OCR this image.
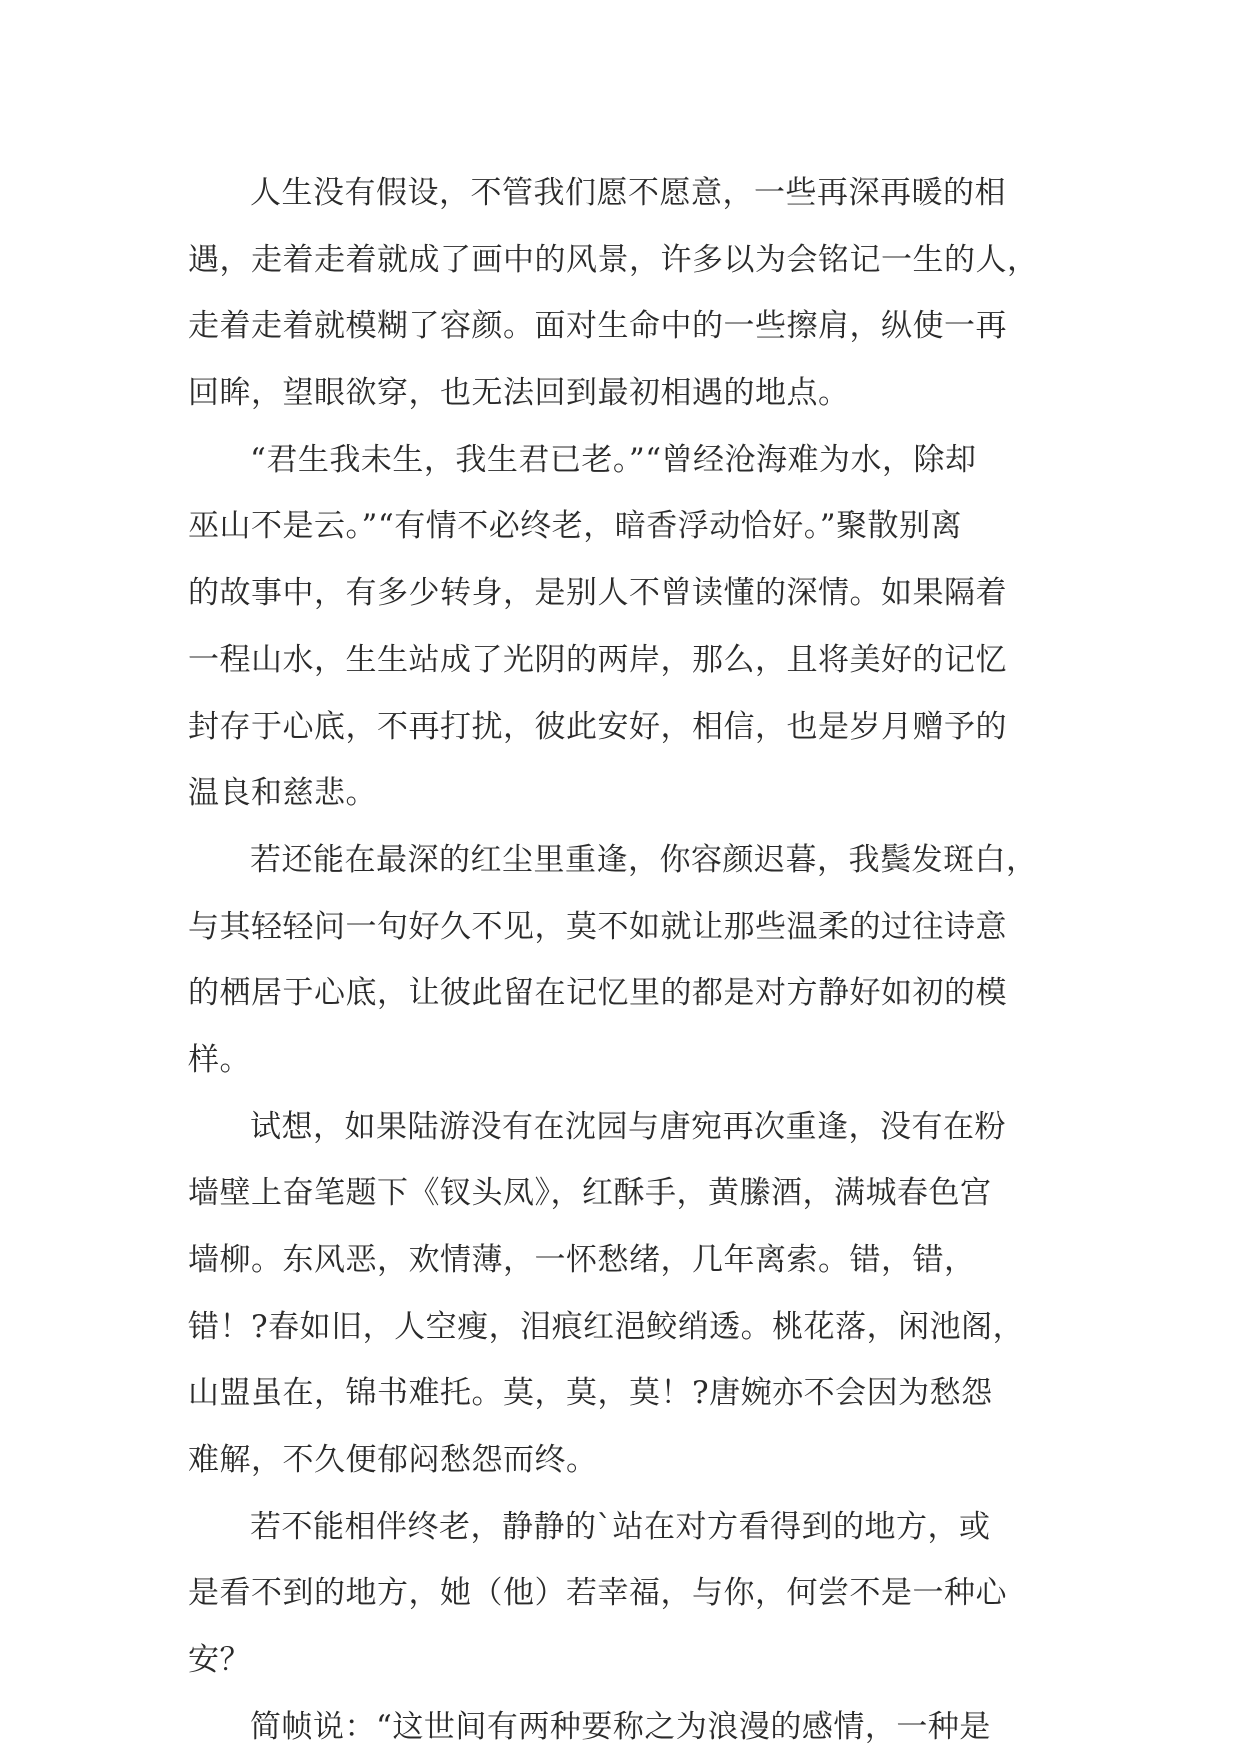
人生没有假设，不管我们愿不愿意，一些再深再暖的相
遇，走着走着就成了画中的风景，许多以为会铭记一生的人，
走着走着就模糊了容颜。面对生命中的一些擦肩，纵使一再
回眸，望眼欲穿，也无法回到最初相遇的地点。
“君生我未生，我生君已老。”“曾经沧海难为水，除却
巫山不是云。”“有情不必终老，暗香浮动恰好。”聚散别离
的故事中，有多少转身，是别人不曾读懂的深情。如果隔着
一程山水，生生站成了光阴的两岸，那么，且将美好的记忆
封存于心底，不再打扰，彼此安好，相信，也是岁月赠予的
温良和慈悲。
若还能在最深的红尘里重逢，你容颜迟暮，我鬓发斑白，
与其轻轻问一句好久不见，莫不如就让那些温柔的过往诗意
的栖居于心底，让彼此留在记忆里的都是对方静好如初的模
样。
试想，如果陆游没有在沈园与唐宛再次重逢，没有在粉
墙壁上奋笔题下《钗头凤》，红酥手，黄縢酒，满城春色宫
墙柳。东风恶，欢情薄，一怀愁绪，几年离索。错，错，
错！?春如旧，人空瘦，泪痕红浥鲛绡透。桃花落，闲池阁，
山盟虽在，锦书难托。莫，莫，莫！?唐婉亦不会因为愁怨
难解，不久便郁闷愁怨而终。
若不能相伴终老，静静的`站在对方看得到的地方，或
是看不到的地方，她（他）若幸福，与你，何尝不是一种心
安？
简帧说：“这世间有两种要称之为浪漫的感情，一种是
